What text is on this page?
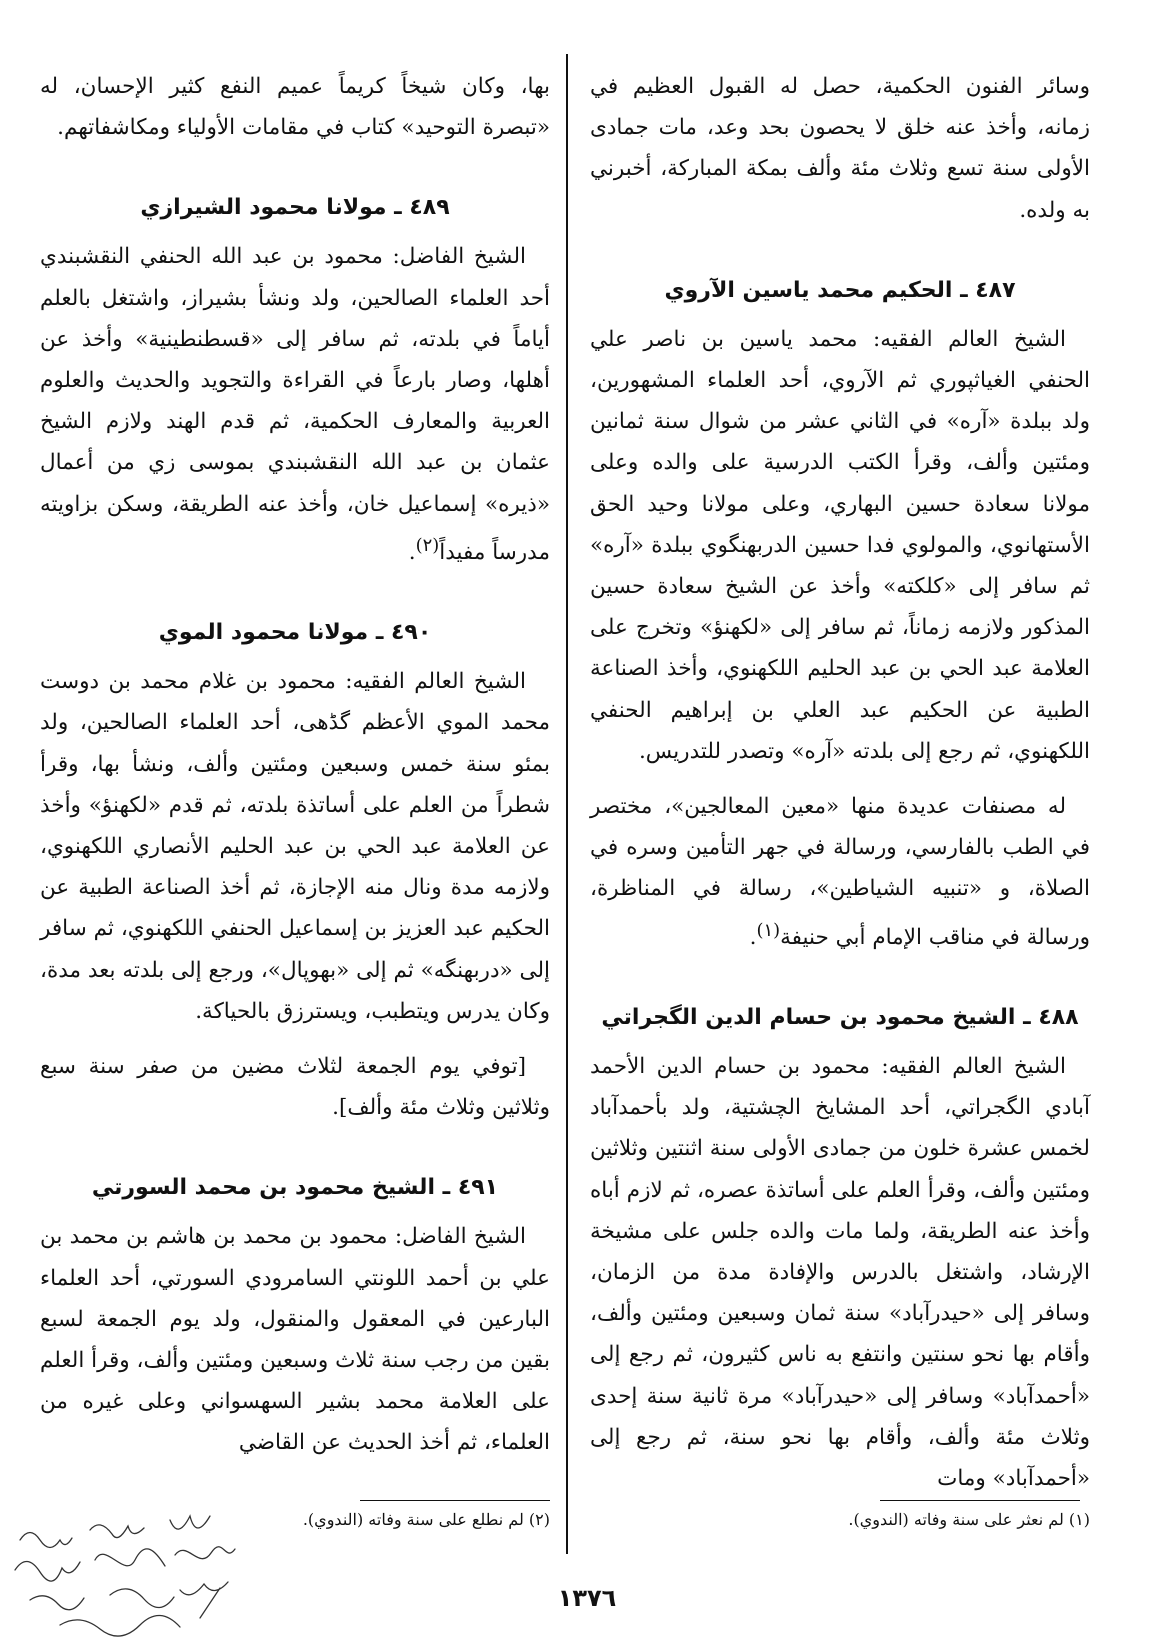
وسائر الفنون الحكمية، حصل له القبول العظيم في زمانه، وأخذ عنه خلق لا يحصون بحد وعد، مات جمادى الأولى سنة تسع وثلاث مئة وألف بمكة المباركة، أخبرني به ولده.

٤٨٧ ـ الحكيم محمد ياسين الآروي

الشيخ العالم الفقيه: محمد ياسين بن ناصر علي الحنفي الغياثپوري ثم الآروي، أحد العلماء المشهورين، ولد ببلدة «آره» في الثاني عشر من شوال سنة ثمانين ومئتين وألف، وقرأ الكتب الدرسية على والده وعلى مولانا سعادة حسين البهاري، وعلى مولانا وحيد الحق الأستهانوي، والمولوي فدا حسين الدربهنگوي ببلدة «آره» ثم سافر إلى «كلكته» وأخذ عن الشيخ سعادة حسين المذكور ولازمه زماناً، ثم سافر إلى «لكهنؤ» وتخرج على العلامة عبد الحي بن عبد الحليم اللكهنوي، وأخذ الصناعة الطبية عن الحكيم عبد العلي بن إبراهيم الحنفي اللكهنوي، ثم رجع إلى بلدته «آره» وتصدر للتدريس.

له مصنفات عديدة منها «معين المعالجين»، مختصر في الطب بالفارسي، ورسالة في جهر التأمين وسره في الصلاة، و «تنبيه الشياطين»، رسالة في المناظرة، ورسالة في مناقب الإمام أبي حنيفة$^{(١)}$.

٤٨٨ ـ الشيخ محمود بن حسام الدين الگجراتي

الشيخ العالم الفقيه: محمود بن حسام الدين الأحمد آبادي الگجراتي، أحد المشايخ الچشتية، ولد بأحمدآباد لخمس عشرة خلون من جمادى الأولى سنة اثنتين وثلاثين ومئتين وألف، وقرأ العلم على أساتذة عصره، ثم لازم أباه وأخذ عنه الطريقة، ولما مات والده جلس على مشيخة الإرشاد، واشتغل بالدرس والإفادة مدة من الزمان، وسافر إلى «حيدرآباد» سنة ثمان وسبعين ومئتين وألف، وأقام بها نحو سنتين وانتفع به ناس كثيرون، ثم رجع إلى «أحمدآباد» وسافر إلى «حيدرآباد» مرة ثانية سنة إحدى وثلاث مئة وألف، وأقام بها نحو سنة، ثم رجع إلى «أحمدآباد» ومات

بها، وكان شيخاً كريماً عميم النفع كثير الإحسان، له «تبصرة التوحيد» كتاب في مقامات الأولياء ومكاشفاتهم.

٤٨٩ ـ مولانا محمود الشيرازي

الشيخ الفاضل: محمود بن عبد الله الحنفي النقشبندي أحد العلماء الصالحين، ولد ونشأ بشيراز، واشتغل بالعلم أياماً في بلدته، ثم سافر إلى «قسطنطينية» وأخذ عن أهلها، وصار بارعاً في القراءة والتجويد والحديث والعلوم العربية والمعارف الحكمية، ثم قدم الهند ولازم الشيخ عثمان بن عبد الله النقشبندي بموسى زي من أعمال «ذيره» إسماعيل خان، وأخذ عنه الطريقة، وسكن بزاويته مدرساً مفيداً$^{(٢)}$.

٤٩٠ ـ مولانا محمود الموي

الشيخ العالم الفقيه: محمود بن غلام محمد بن دوست محمد الموي الأعظم گڈھی، أحد العلماء الصالحين، ولد بمئو سنة خمس وسبعين ومئتين وألف، ونشأ بها، وقرأ شطراً من العلم على أساتذة بلدته، ثم قدم «لكهنؤ» وأخذ عن العلامة عبد الحي بن عبد الحليم الأنصاري اللكهنوي، ولازمه مدة ونال منه الإجازة، ثم أخذ الصناعة الطبية عن الحكيم عبد العزيز بن إسماعيل الحنفي اللكهنوي، ثم سافر إلى «دربهنگه» ثم إلى «بهوپال»، ورجع إلى بلدته بعد مدة، وكان يدرس ويتطبب، ويسترزق بالحياكة.

[توفي يوم الجمعة لثلاث مضين من صفر سنة سبع وثلاثين وثلاث مئة وألف].

٤٩١ ـ الشيخ محمود بن محمد السورتي

الشيخ الفاضل: محمود بن محمد بن هاشم بن محمد بن علي بن أحمد اللونتي السامرودي السورتي، أحد العلماء البارعين في المعقول والمنقول، ولد يوم الجمعة لسبع بقين من رجب سنة ثلاث وسبعين ومئتين وألف، وقرأ العلم على العلامة محمد بشير السهسواني وعلى غيره من العلماء، ثم أخذ الحديث عن القاضي

(١) لم نعثر على سنة وفاته (الندوي).
(٢) لم نطلع على سنة وفاته (الندوي).
١٣٧٦
